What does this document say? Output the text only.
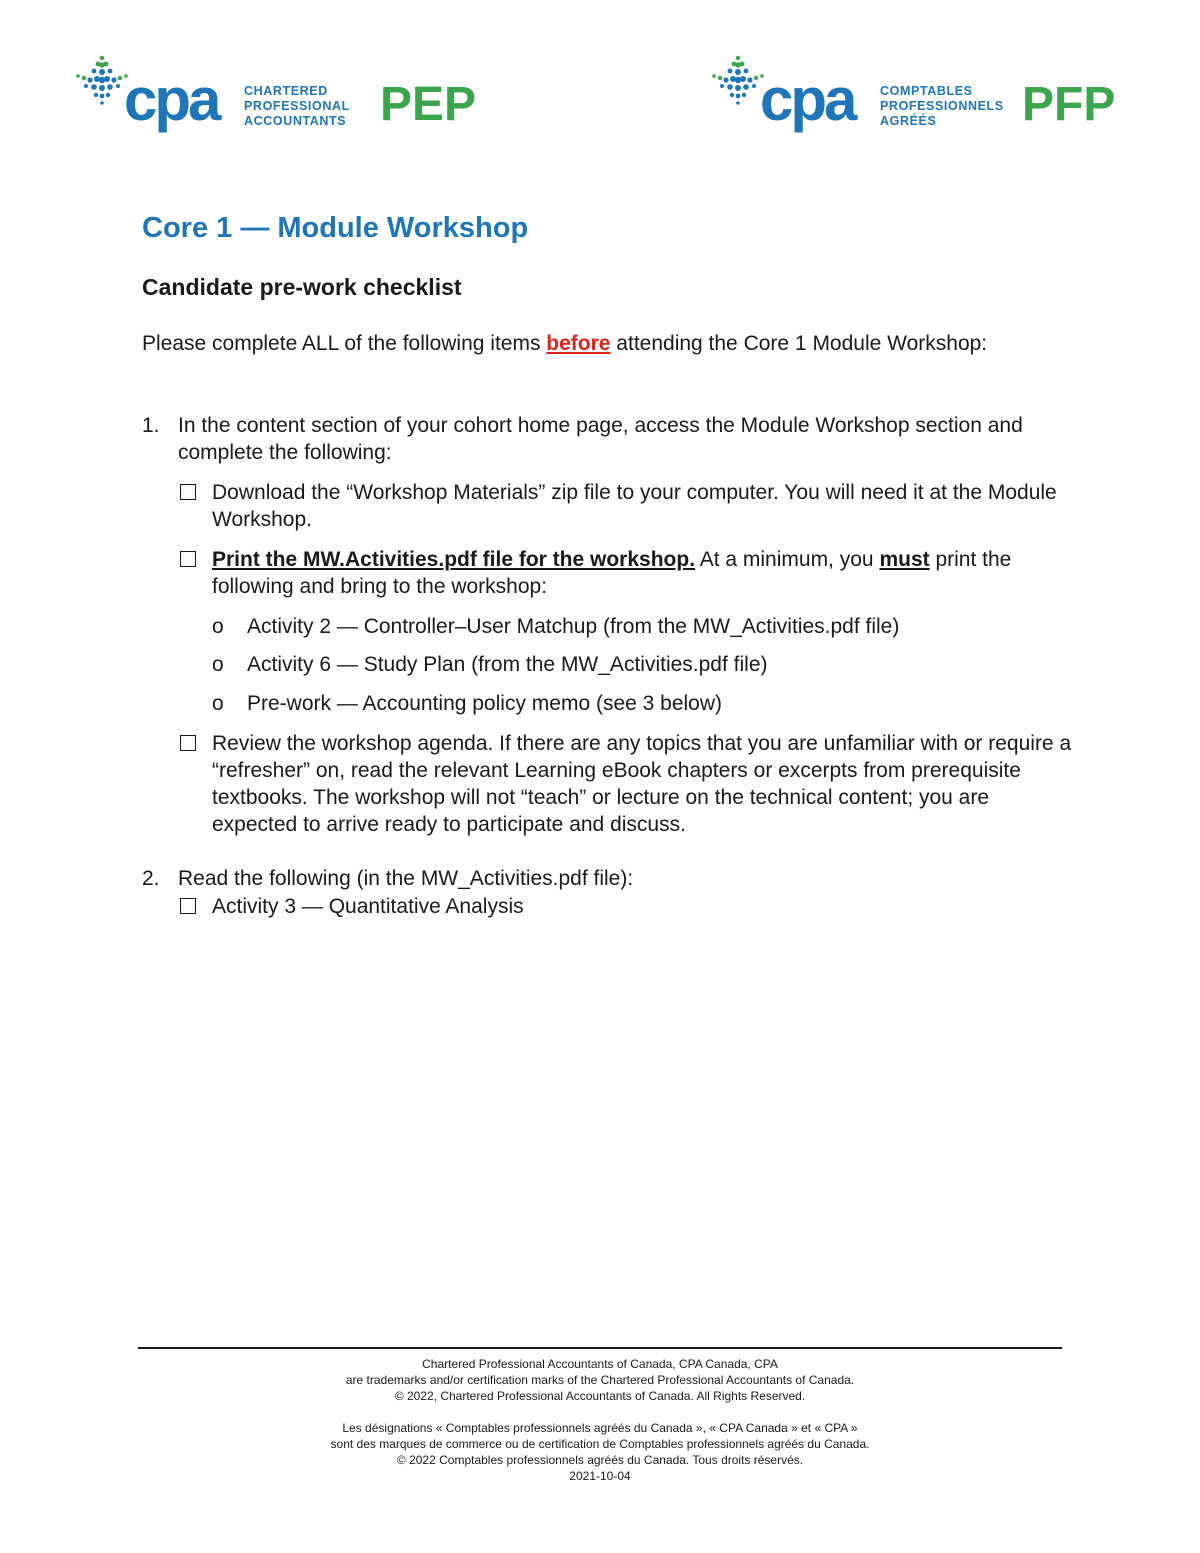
cpa CHARTERED
PROFESSIONAL
ACCOUNTANTS PEP	cpa COMPTABLES
PROFESSIONNELS
AGRÉÉS	PFP
Core 1 — Module Workshop
Candidate pre-work checklist

Please complete ALL of the following items before attending the Core 1 Module Workshop:

1. In the content section of your cohort home page, access the Module Workshop section and complete the following:
Download the “Workshop Materials” zip file to your computer. You will need it at the Module Workshop.
Print the MW.Activities.pdf file for the workshop. At a minimum, you must print the following and bring to the workshop:
o Activity 2 — Controller–User Matchup (from the MW_Activities.pdf file)
o Activity 6 — Study Plan (from the MW_Activities.pdf file)
o Pre-work — Accounting policy memo (see 3 below)
Review the workshop agenda. If there are any topics that you are unfamiliar with or require a “refresher” on, read the relevant Learning eBook chapters or excerpts from prerequisite textbooks. The workshop will not “teach” or lecture on the technical content; you are expected to arrive ready to participate and discuss.
2. Read the following (in the MW_Activities.pdf file):
Activity 3 — Quantitative Analysis
Chartered Professional Accountants of Canada, CPA Canada, CPA
are trademarks and/or certification marks of the Chartered Professional Accountants of Canada.
© 2022, Chartered Professional Accountants of Canada. All Rights Reserved.
Les désignations « Comptables professionnels agréés du Canada », « CPA Canada » et « CPA »
sont des marques de commerce ou de certification de Comptables professionnels agréés du Canada.
© 2022 Comptables professionnels agréés du Canada. Tous droits réservés.
2021-10-04
